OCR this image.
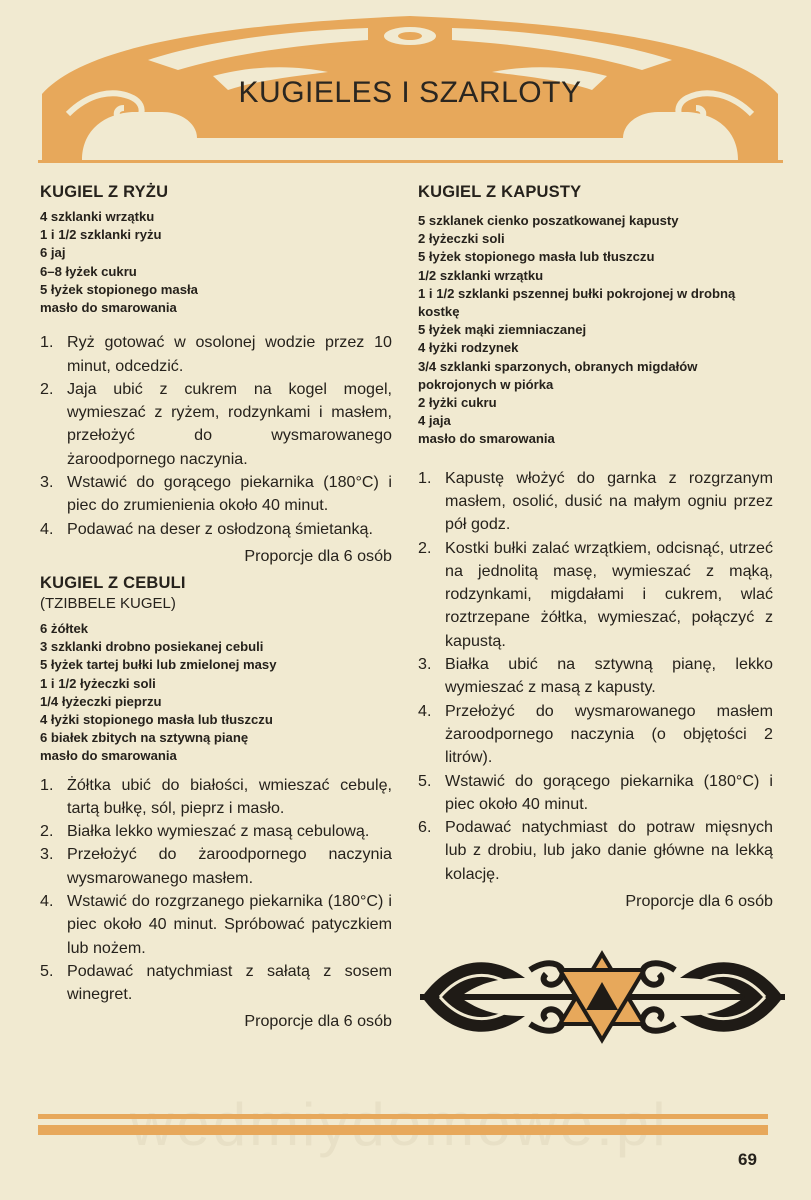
KUGIELES I SZARLOTY
KUGIEL Z RYŻU
4 szklanki wrzątku
1 i 1/2 szklanki ryżu
6 jaj
6–8 łyżek cukru
5 łyżek stopionego masła
masło do smarowania
1. Ryż gotować w osolonej wodzie przez 10 minut, odcedzić.
2. Jaja ubić z cukrem na kogel mogel, wymieszać z ryżem, rodzynkami i masłem, przełożyć do wysmarowanego żaroodpornego naczynia.
3. Wstawić do gorącego piekarnika (180°C) i piec do zrumienienia około 40 minut.
4. Podawać na deser z osłodzoną śmietanką.
Proporcje dla 6 osób
KUGIEL Z CEBULI
(TZIBBELE KUGEL)
6 żółtek
3 szklanki drobno posiekanej cebuli
5 łyżek tartej bułki lub zmielonej masy
1 i 1/2 łyżeczki soli
1/4 łyżeczki pieprzu
4 łyżki stopionego masła lub tłuszczu
6 białek zbitych na sztywną pianę
masło do smarowania
1. Żółtka ubić do białości, wmieszać cebulę, tartą bułkę, sól, pieprz i masło.
2. Białka lekko wymieszać z masą cebulową.
3. Przełożyć do żaroodpornego naczynia wysmarowanego masłem.
4. Wstawić do rozgrzanego piekarnika (180°C) i piec około 40 minut. Spróbować patyczkiem lub nożem.
5. Podawać natychmiast z sałatą z sosem winegret.
Proporcje dla 6 osób
KUGIEL Z KAPUSTY
5 szklanek cienko poszatkowanej kapusty
2 łyżeczki soli
5 łyżek stopionego masła lub tłuszczu
1/2 szklanki wrzątku
1 i 1/2 szklanki pszennej bułki pokrojonej w drobną kostkę
5 łyżek mąki ziemniaczanej
4 łyżki rodzynek
3/4 szklanki sparzonych, obranych migdałów pokrojonych w piórka
2 łyżki cukru
4 jaja
masło do smarowania
1. Kapustę włożyć do garnka z rozgrzanym masłem, osolić, dusić na małym ogniu przez pół godz.
2. Kostki bułki zalać wrzątkiem, odcisnąć, utrzeć na jednolitą masę, wymieszać z mąką, rodzynkami, migdałami i cukrem, wlać roztrzepane żółtka, wymieszać, połączyć z kapustą.
3. Białka ubić na sztywną pianę, lekko wymieszać z masą z kapusty.
4. Przełożyć do wysmarowanego masłem żaroodpornego naczynia (o objętości 2 litrów).
5. Wstawić do gorącego piekarnika (180°C) i piec około 40 minut.
6. Podawać natychmiast do potraw mięsnych lub z drobiu, lub jako danie główne na lekką kolację.
Proporcje dla 6 osób
69
